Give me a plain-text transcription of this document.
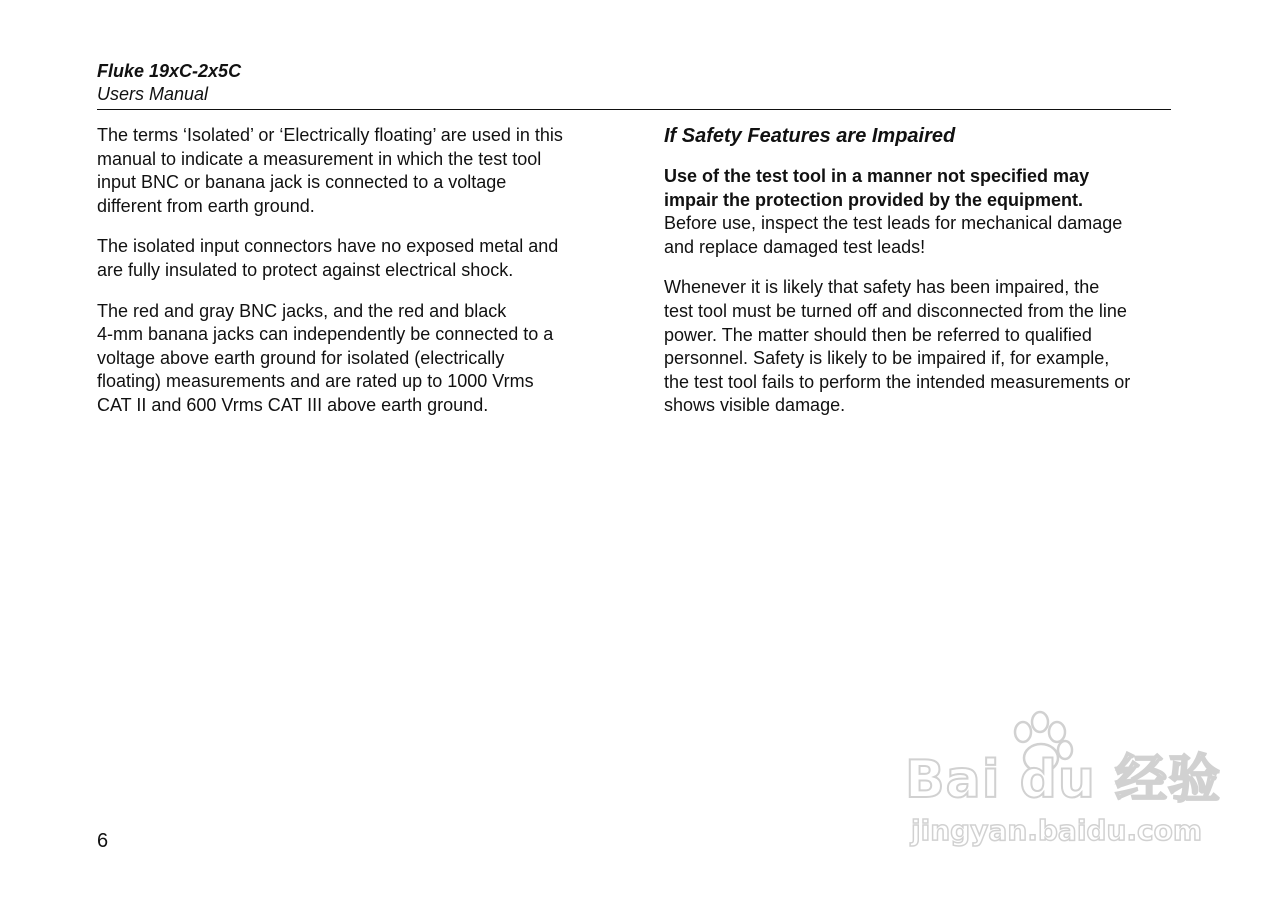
Fluke 19xC-2x5C
Users Manual

The terms ‘Isolated’ or ‘Electrically floating’ are used in this
manual to indicate a measurement in which the test tool
input BNC or banana jack is connected to a voltage
different from earth ground.

The isolated input connectors have no exposed metal and
are fully insulated to protect against electrical shock.

The red and gray BNC jacks, and the red and black
4-mm banana jacks can independently be connected to a
voltage above earth ground for isolated (electrically
floating) measurements and are rated up to 1000 Vrms
CAT II and 600 Vrms CAT III above earth ground.

If Safety Features are Impaired

Use of the test tool in a manner not specified may
impair the protection provided by the equipment.
Before use, inspect the test leads for mechanical damage
and replace damaged test leads!

Whenever it is likely that safety has been impaired, the
test tool must be turned off and disconnected from the line
power. The matter should then be referred to qualified
personnel. Safety is likely to be impaired if, for example,
the test tool fails to perform the intended measurements or
shows visible damage.

6
Bai du 经验
jingyan.baidu.com
